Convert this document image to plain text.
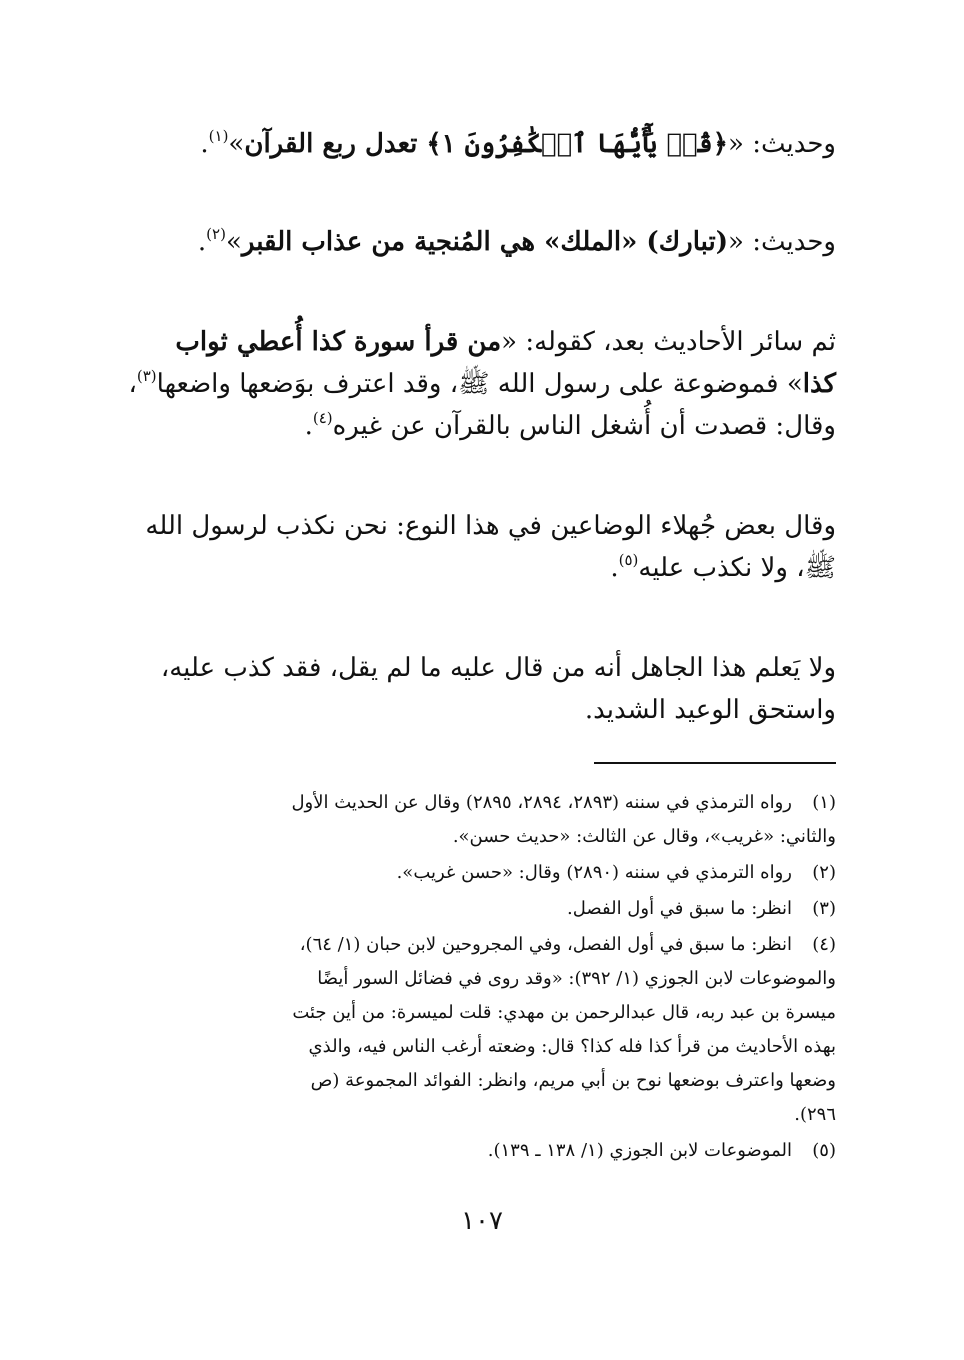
وحديث: «﴿قُلۡ يَٰٓأَيُّهَا ٱلۡكَٰفِرُونَ ١﴾ تعدل ربع القرآن»$^{(١)}$.
وحديث: «(تبارك) «الملك» هي المُنجية من عذاب القبر»$^{(٢)}$.
ثم سائر الأحاديث بعد، كقوله: «من قرأ سورة كذا أُعطي ثواب
كذا» فموضوعة على رسول الله ﷺ، وقد اعترف بوَضعها واضعها$^{(٣)}$،
وقال: قصدت أن أُشغل الناس بالقرآن عن غيره$^{(٤)}$.
وقال بعض جُهلاء الوضاعين في هذا النوع: نحن نكذب لرسول الله
ﷺ، ولا نكذب عليه$^{(٥)}$.
ولا يَعلم هذا الجاهل أنه من قال عليه ما لم يقل، فقد كذب عليه،
واستحق الوعيد الشديد.
(١)رواه الترمذي في سننه (٢٨٩٣، ٢٨٩٤، ٢٨٩٥) وقال عن الحديث الأول
والثاني: «غريب»، وقال عن الثالث: «حديث حسن».
(٢)رواه الترمذي في سننه (٢٨٩٠) وقال: «حسن غريب».
(٣)انظر: ما سبق في أول الفصل.
(٤)انظر: ما سبق في أول الفصل، وفي المجروحين لابن حبان (١/ ٦٤)،
والموضوعات لابن الجوزي (١/ ٣٩٢): «وقد روى في فضائل السور أيضًا
ميسرة بن عبد ربه، قال عبدالرحمن بن مهدي: قلت لميسرة: من أين جئت
بهذه الأحاديث من قرأ كذا فله كذا؟ قال: وضعته أرغب الناس فيه، والذي
وضعها واعترف بوضعها نوح بن أبي مريم، وانظر: الفوائد المجموعة (ص
٢٩٦).
(٥)الموضوعات لابن الجوزي (١/ ١٣٨ ـ ١٣٩).
١٠٧
